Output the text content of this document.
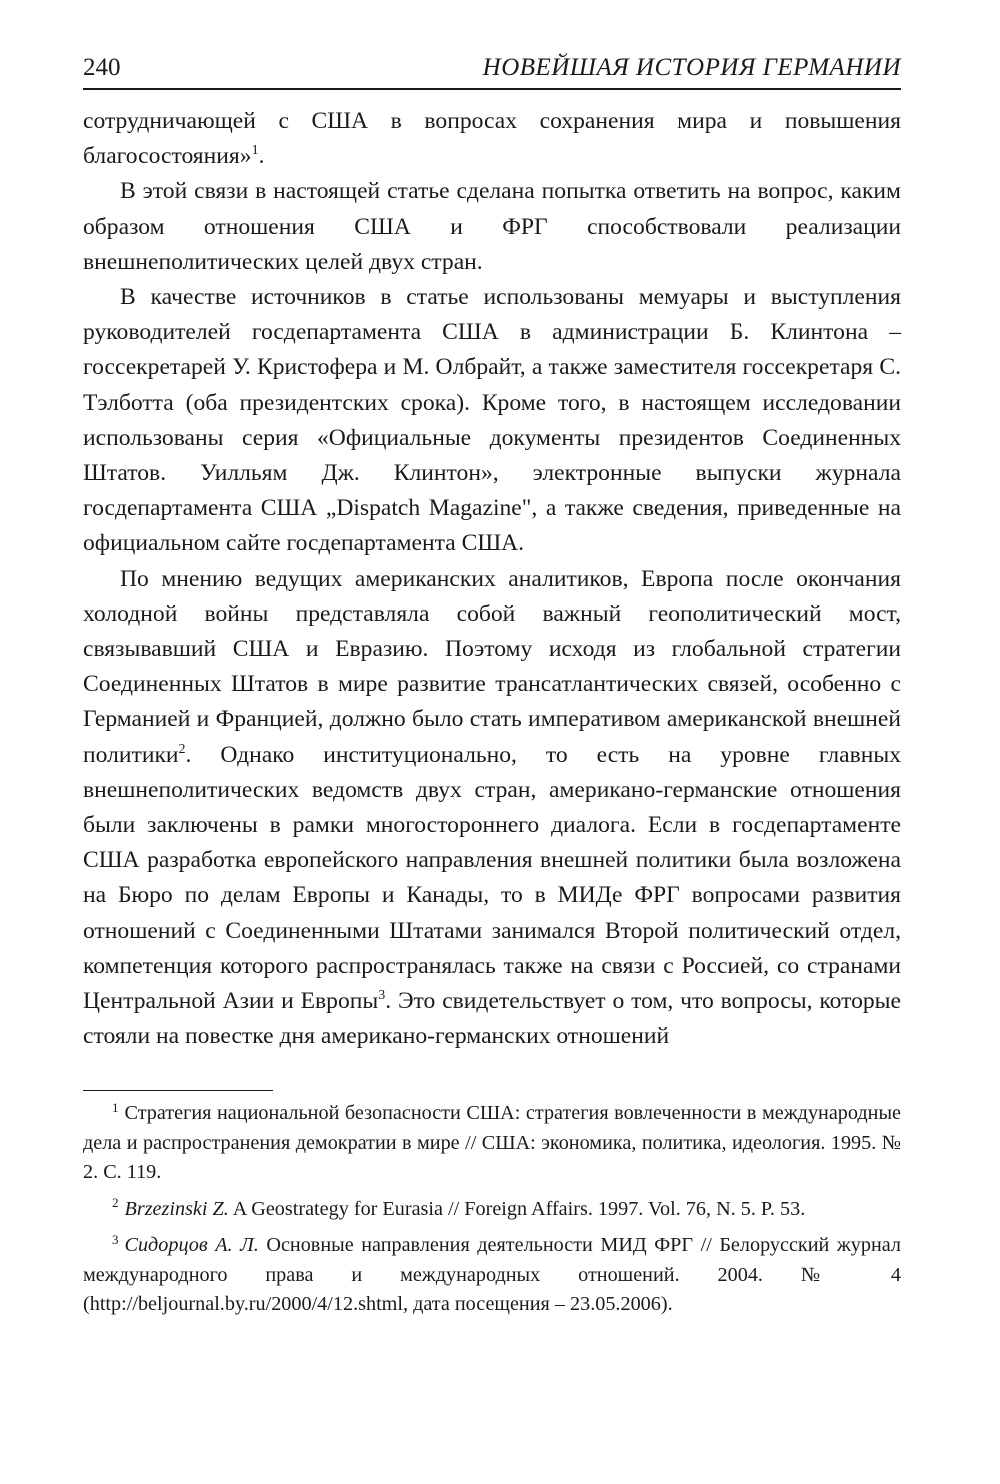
240	НОВЕЙШАЯ ИСТОРИЯ ГЕРМАНИИ

сотрудничающей с США в вопросах сохранения мира и повышения благосостояния»$^1$.

В этой связи в настоящей статье сделана попытка ответить на вопрос, каким образом отношения США и ФРГ способствовали реализации внешнеполитических целей двух стран.

В качестве источников в статье использованы мемуары и выступления руководителей госдепартамента США в администрации Б. Клинтона – госсекретарей У. Кристофера и М. Олбрайт, а также заместителя госсекретаря С. Тэлботта (оба президентских срока). Кроме того, в настоящем исследовании использованы серия «Официальные документы президентов Соединенных Штатов. Уилльям Дж. Клинтон», электронные выпуски журнала госдепартамента США „Dispatch Magazine", а также сведения, приведенные на официальном сайте госдепартамента США.

По мнению ведущих американских аналитиков, Европа после окончания холодной войны представляла собой важный геополитический мост, связывавший США и Евразию. Поэтому исходя из глобальной стратегии Соединенных Штатов в мире развитие трансатлантических связей, особенно с Германией и Францией, должно было стать императивом американской внешней политики$^2$. Однако институционально, то есть на уровне главных внешнеполитических ведомств двух стран, американо-германские отношения были заключены в рамки многостороннего диалога. Если в госдепартаменте США разработка европейского направления внешней политики была возложена на Бюро по делам Европы и Канады, то в МИДе ФРГ вопросами развития отношений с Соединенными Штатами занимался Второй политический отдел, компетенция которого распространялась также на связи с Россией, со странами Центральной Азии и Европы$^3$. Это свидетельствует о том, что вопросы, которые стояли на повестке дня американо-германских отношений

$^1$ Стратегия национальной безопасности США: стратегия вовлеченности в международные дела и распространения демократии в мире // США: экономика, политика, идеология. 1995. № 2. С. 119.

$^2$ Brzezinski Z. A Geostrategy for Eurasia // Foreign Affairs. 1997. Vol. 76, N. 5. P. 53.

$^3$ Сидорцов А. Л. Основные направления деятельности МИД ФРГ // Белорусский журнал международного права и международных отношений. 2004. № 4 (http://beljournal.by.ru/2000/4/12.shtml, дата посещения – 23.05.2006).
